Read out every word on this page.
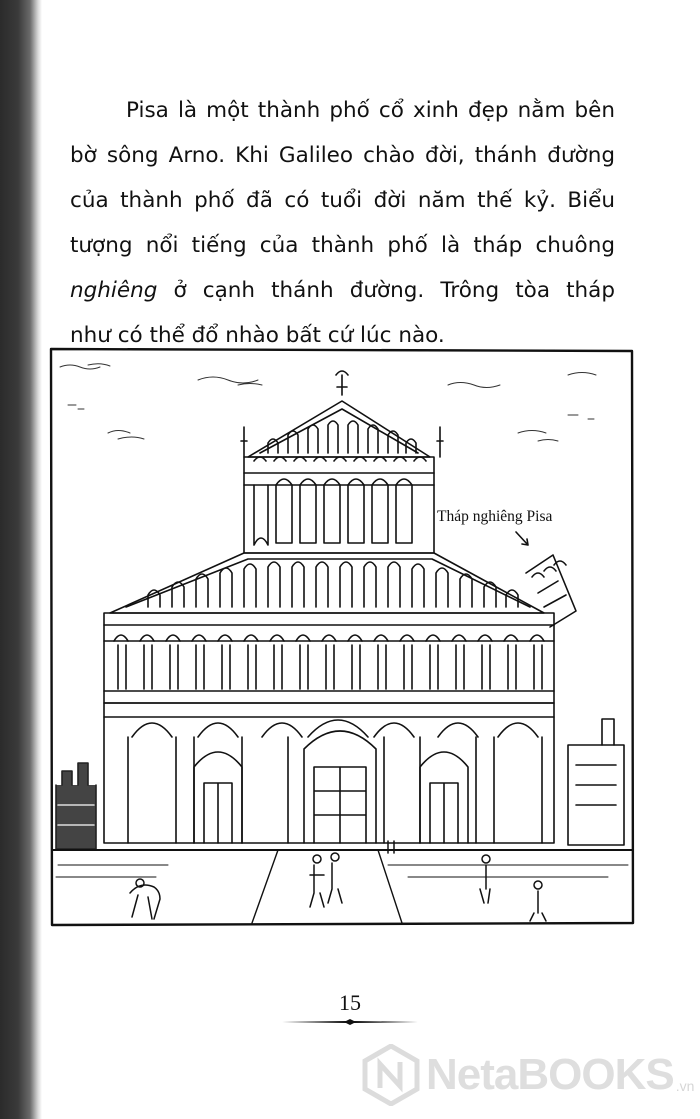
Pisa là một thành phố cổ xinh đẹp nằm bên
bờ sông Arno. Khi Galileo chào đời, thánh đường
của thành phố đã có tuổi đời năm thế kỷ. Biểu
tượng nổi tiếng của thành phố là tháp chuông
nghiêng ở cạnh thánh đường. Trông tòa tháp
như có thể đổ nhào bất cứ lúc nào.
Tháp nghiêng Pisa
15
NetaBOOKS .vn
